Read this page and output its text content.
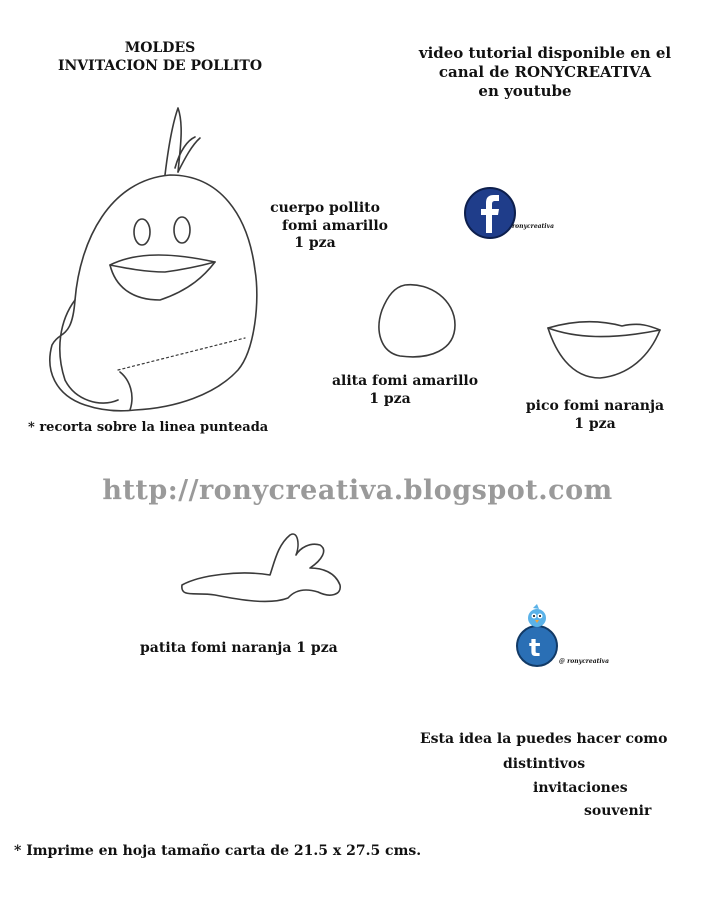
MOLDES
INVITACION DE POLLITO
video tutorial disponible en el
canal de RONYCREATIVA
en youtube
cuerpo pollito
fomi amarillo
1 pza
alita fomi amarillo
1 pza	pico fomi naranja
1 pza
* recorta sobre la linea punteada
http://ronycreativa.blogspot.com
patita fomi naranja 1 pza
ronycreativa
t	@ ronycreativa
Esta idea la puedes hacer como
distintivos
invitaciones
souvenir
* Imprime en hoja tamaño carta de 21.5 x 27.5 cms.
